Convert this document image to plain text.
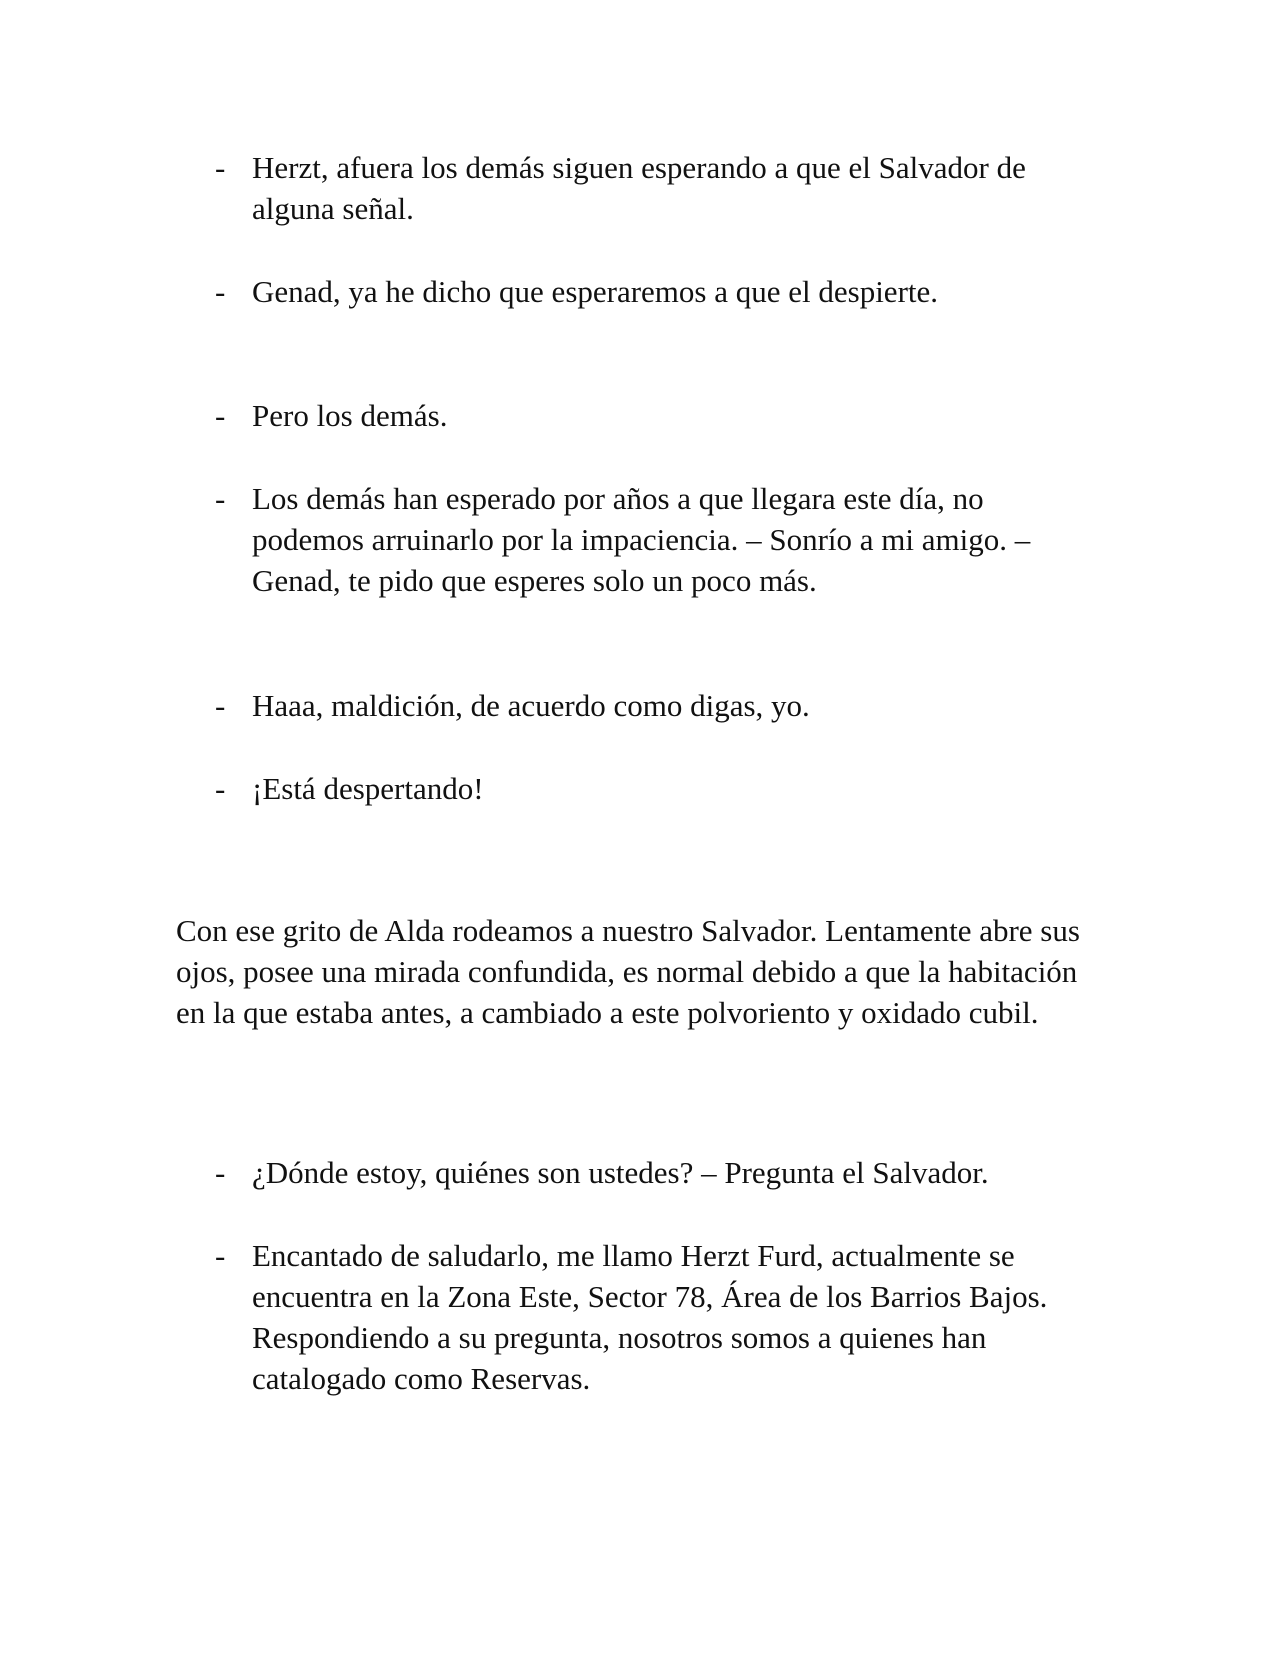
- Herzt, afuera los demás siguen esperando a que el Salvador de alguna señal.
- Genad, ya he dicho que esperaremos a que el despierte.
- Pero los demás.
- Los demás han esperado por años a que llegara este día, no podemos arruinarlo por la impaciencia. – Sonrío a mi amigo. – Genad, te pido que esperes solo un poco más.
- Haaa, maldición, de acuerdo como digas, yo.
- ¡Está despertando!
Con ese grito de Alda rodeamos a nuestro Salvador. Lentamente abre sus ojos, posee una mirada confundida, es normal debido a que la habitación en la que estaba antes, a cambiado a este polvoriento y oxidado cubil.
- ¿Dónde estoy, quiénes son ustedes? – Pregunta el Salvador.
- Encantado de saludarlo, me llamo Herzt Furd, actualmente se encuentra en la Zona Este, Sector 78, Área de los Barrios Bajos. Respondiendo a su pregunta, nosotros somos a quienes han catalogado como Reservas.
